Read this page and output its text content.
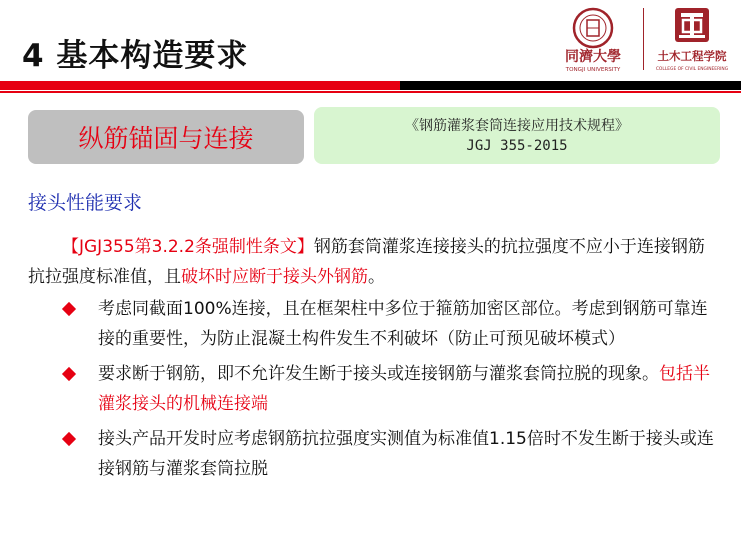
4 基本构造要求	同濟大學
TONGJI UNIVERSITY
土木工程学院
COLLEGE OF CIVIL ENGINEERING
纵筋锚固与连接	《钢筋灌浆套筒连接应用技术规程》
JGJ 355-2015
接头性能要求
【JGJ355第3.2.2条强制性条文】钢筋套筒灌浆连接接头的抗拉强度不应小于连接钢筋抗拉强度标准值，且破坏时应断于接头外钢筋。
考虑同截面100%连接，且在框架柱中多位于箍筋加密区部位。考虑到钢筋可靠连接的重要性，为防止混凝土构件发生不利破坏（防止可预见破坏模式）
要求断于钢筋，即不允许发生断于接头或连接钢筋与灌浆套筒拉脱的现象。包括半灌浆接头的机械连接端
接头产品开发时应考虑钢筋抗拉强度实测值为标准值1.15倍时不发生断于接头或连接钢筋与灌浆套筒拉脱
